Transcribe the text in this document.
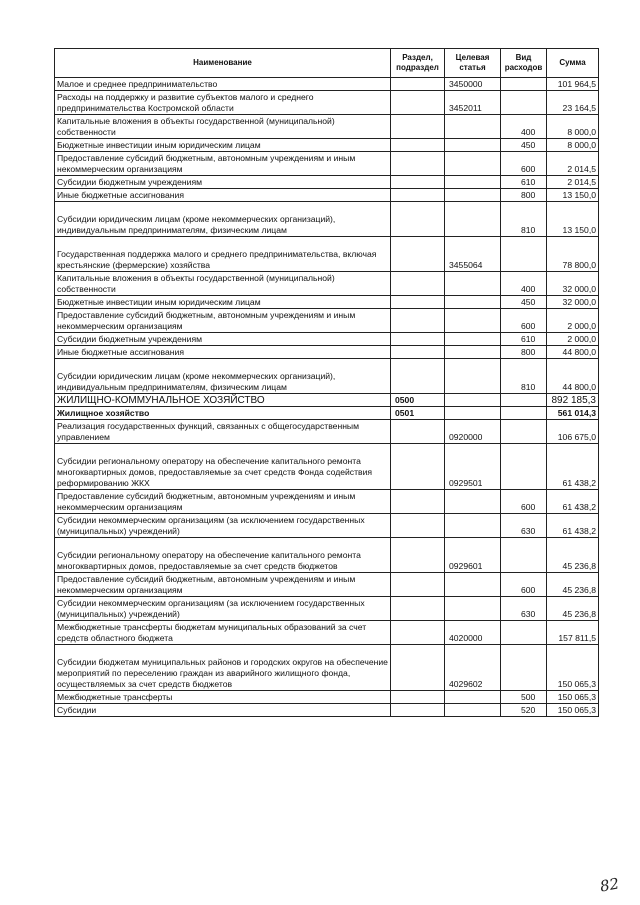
Наименование	Раздел, подраздел	Целевая статья	Вид расходов	Сумма
Малое и среднее предпринимательство		3450000		101 964,5
Расходы на поддержку и развитие субъектов малого и среднего предпринимательства Костромской области		3452011		23 164,5
Капитальные вложения в объекты государственной (муниципальной) собственности			400	8 000,0
Бюджетные инвестиции иным юридическим лицам			450	8 000,0
Предоставление субсидий бюджетным, автономным учреждениям и иным некоммерческим организациям			600	2 014,5
Субсидии бюджетным учреждениям			610	2 014,5
Иные бюджетные ассигнования			800	13 150,0
Субсидии юридическим лицам (кроме некоммерческих организаций), индивидуальным предпринимателям, физическим лицам			810	13 150,0
Государственная поддержка малого и среднего предпринимательства, включая крестьянские (фермерские) хозяйства		3455064		78 800,0
Капитальные вложения в объекты государственной (муниципальной) собственности			400	32 000,0
Бюджетные инвестиции иным юридическим лицам			450	32 000,0
Предоставление субсидий бюджетным, автономным учреждениям и иным некоммерческим организациям			600	2 000,0
Субсидии бюджетным учреждениям			610	2 000,0
Иные бюджетные ассигнования			800	44 800,0
Субсидии юридическим лицам (кроме некоммерческих организаций), индивидуальным предпринимателям, физическим лицам			810	44 800,0
ЖИЛИЩНО-КОММУНАЛЬНОЕ ХОЗЯЙСТВО	0500			892 185,3
Жилищное хозяйство	0501			561 014,3
Реализация государственных функций, связанных с общегосударственным управлением		0920000		106 675,0
Субсидии региональному оператору на обеспечение капитального ремонта многоквартирных домов, предоставляемые за счет средств Фонда содействия реформированию ЖКХ		0929501		61 438,2
Предоставление субсидий бюджетным, автономным учреждениям и иным некоммерческим организациям			600	61 438,2
Субсидии некоммерческим организациям (за исключением государственных (муниципальных) учреждений)			630	61 438,2
Субсидии региональному оператору на обеспечение капитального ремонта многоквартирных домов, предоставляемые за счет средств бюджетов		0929601		45 236,8
Предоставление субсидий бюджетным, автономным учреждениям и иным некоммерческим организациям			600	45 236,8
Субсидии некоммерческим организациям (за исключением государственных (муниципальных) учреждений)			630	45 236,8
Межбюджетные трансферты бюджетам муниципальных образований за счет средств областного бюджета		4020000		157 811,5
Субсидии бюджетам муниципальных районов и городских округов на обеспечение мероприятий по переселению граждан из аварийного жилищного фонда, осуществляемых за счет средств бюджетов		4029602		150 065,3
Межбюджетные трансферты			500	150 065,3
Субсидии			520	150 065,3
82
